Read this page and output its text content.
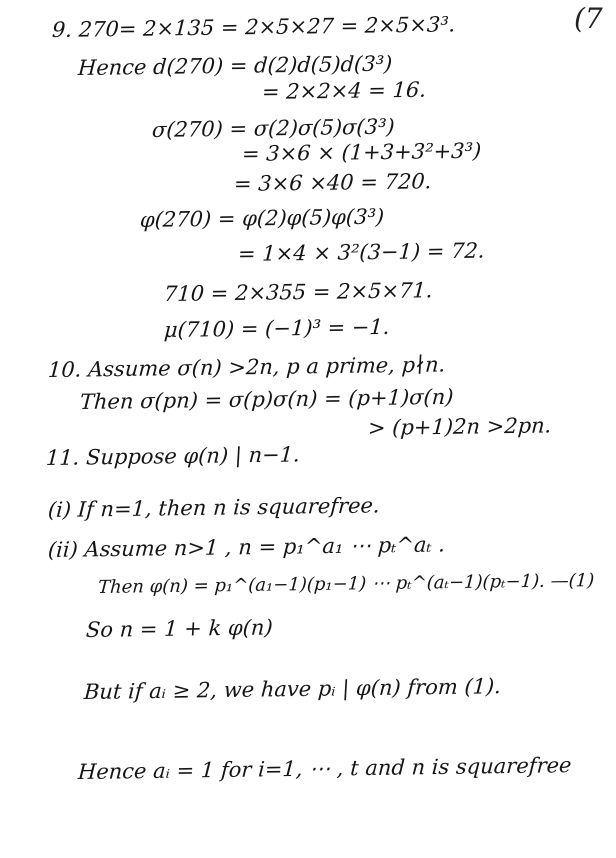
(7
9. 270= 2×135 = 2×5×27 = 2×5×3³.
Hence d(270) = d(2)d(5)d(3³)
= 2×2×4 = 16.
σ(270) = σ(2)σ(5)σ(3³)
= 3×6 × (1+3+3²+3³)
= 3×6 ×40 = 720.
φ(270) = φ(2)φ(5)φ(3³)
= 1×4 × 3²(3−1) = 72.
710 = 2×355 = 2×5×71.
μ(710) = (−1)³ = −1.
10. Assume σ(n) >2n, p a prime, p∤n.
Then σ(pn) = σ(p)σ(n) = (p+1)σ(n)
> (p+1)2n >2pn.
11. Suppose φ(n) | n−1.
(i) If n=1, then n is squarefree.
(ii) Assume n>1 , n = p₁^a₁ ⋯ pₜ^aₜ .
Then φ(n) = p₁^(a₁−1)(p₁−1) ⋯ pₜ^(aₜ−1)(pₜ−1). —(1)
So n = 1 + k φ(n)
But if aᵢ ≥ 2, we have pᵢ | φ(n) from (1).
Hence aᵢ = 1 for i=1, ⋯ , t and n is squarefree
